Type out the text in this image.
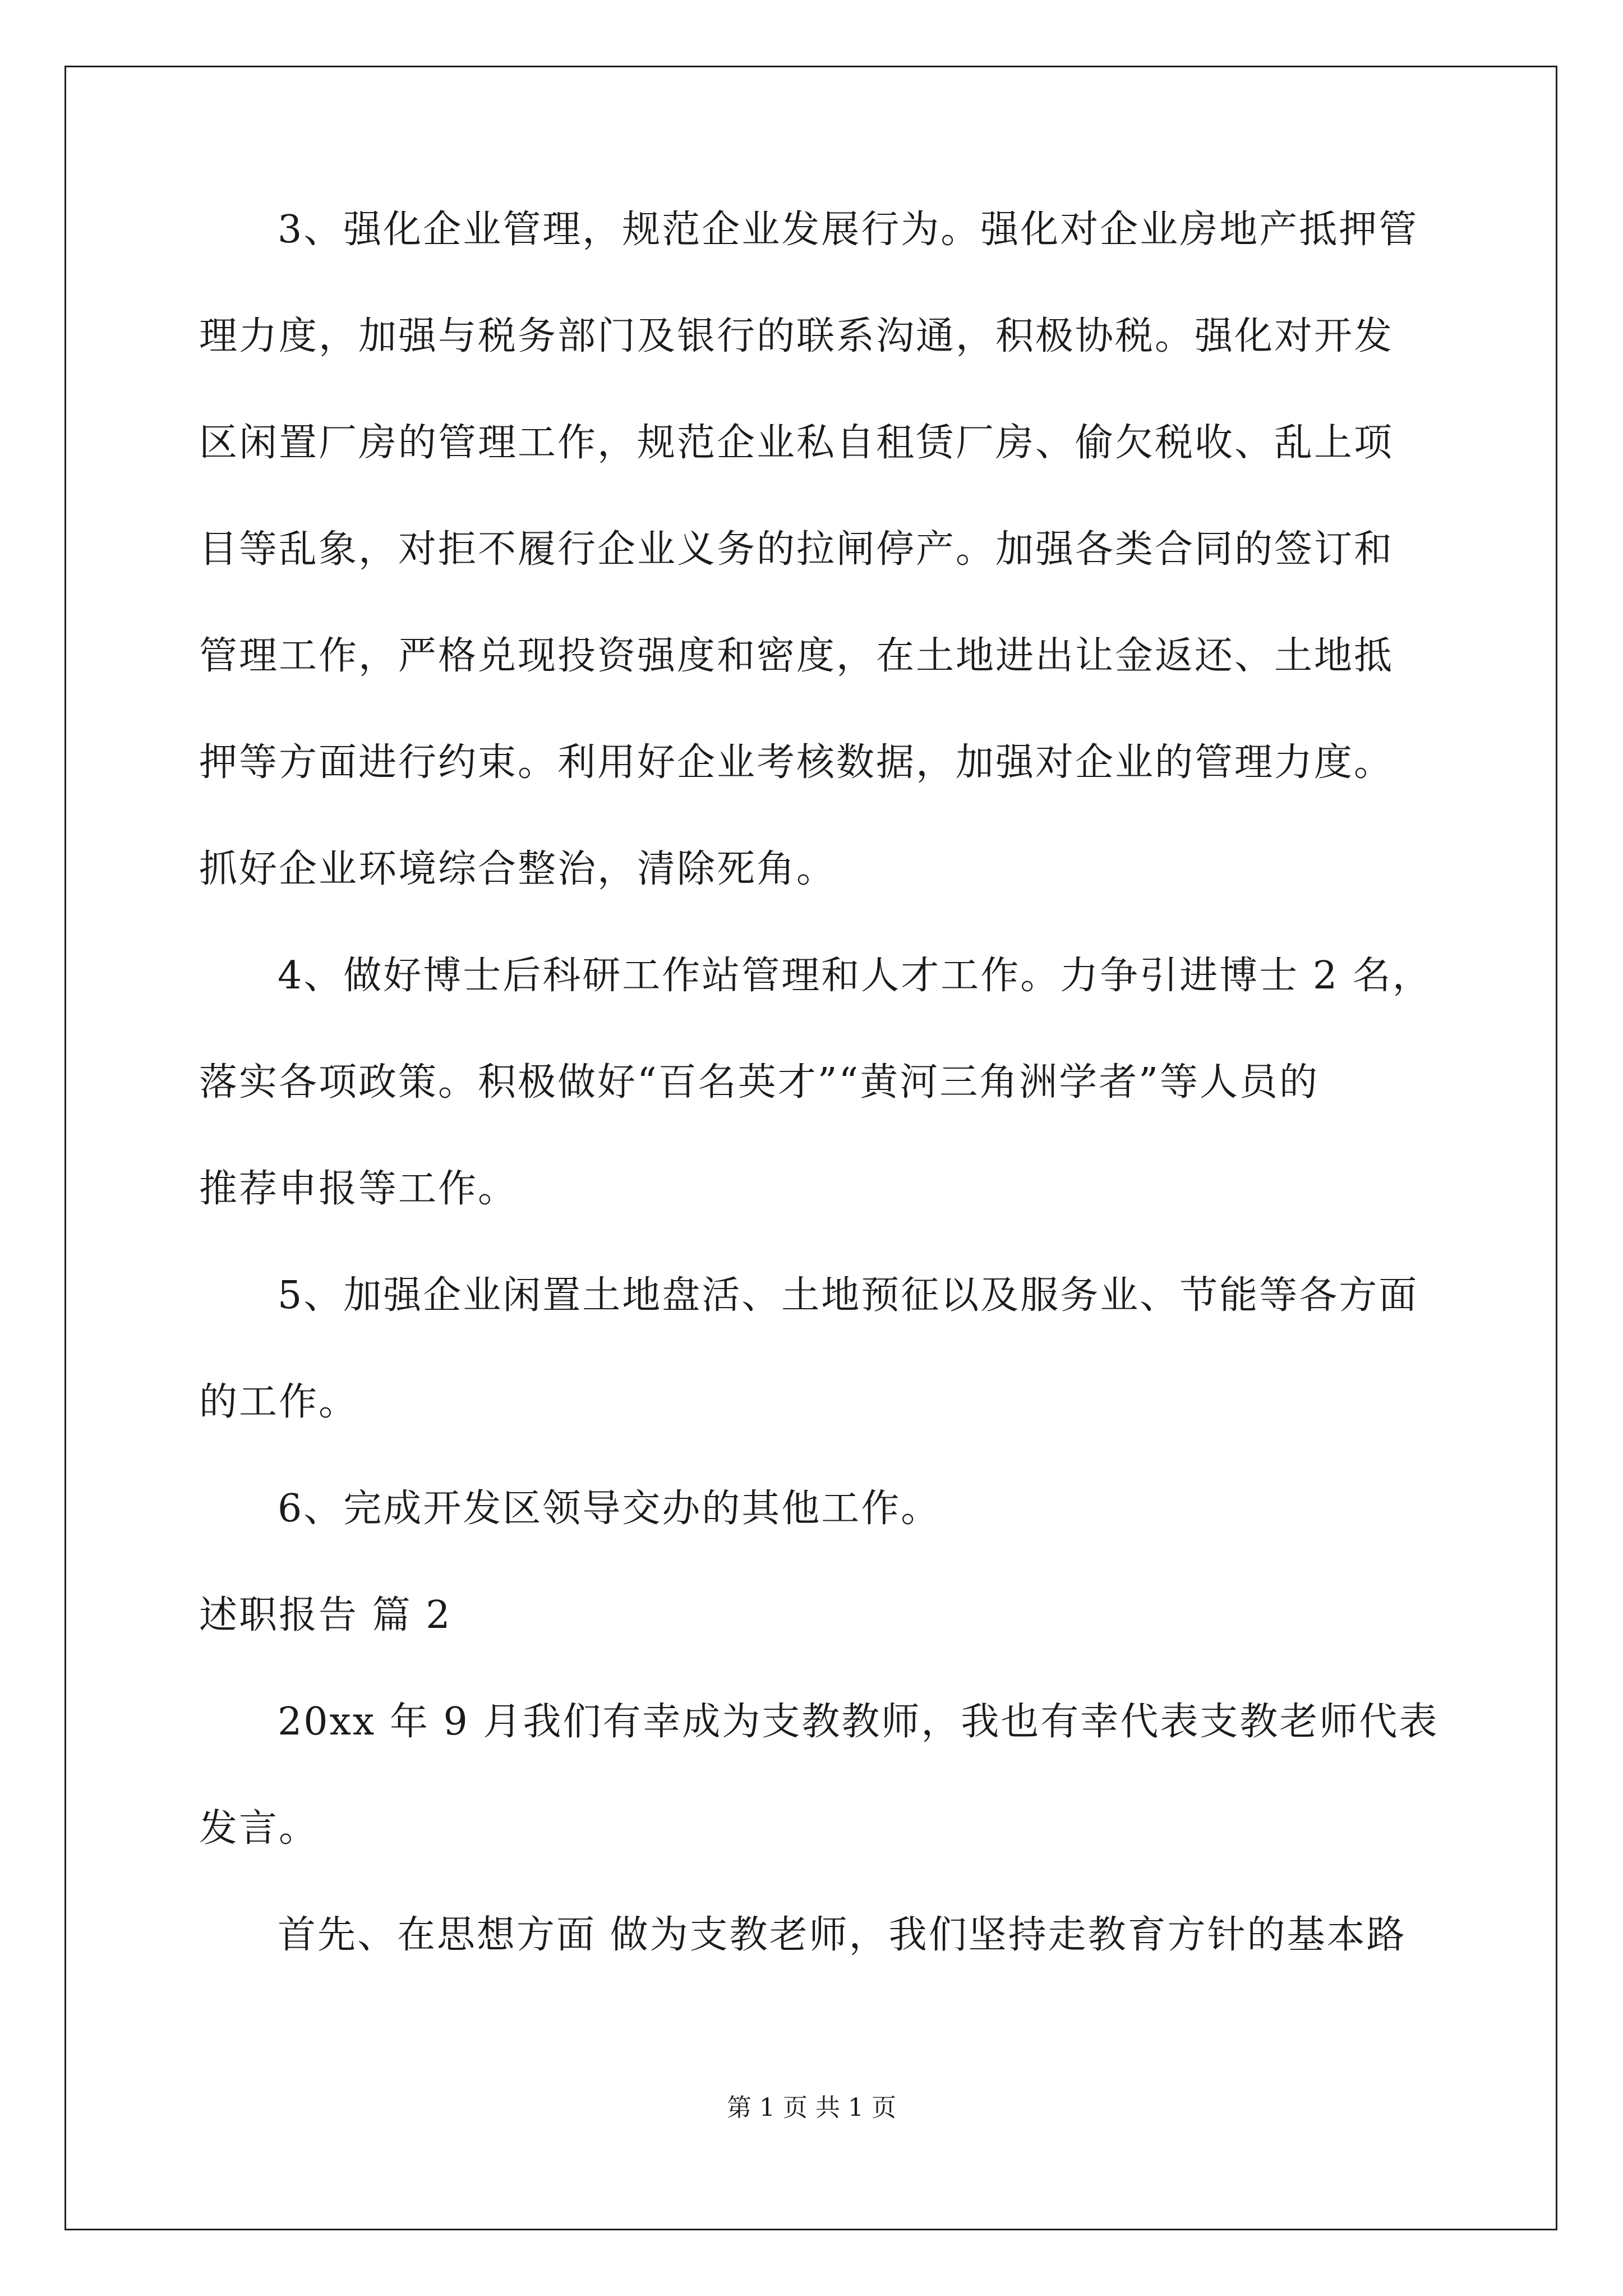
3、强化企业管理，规范企业发展行为。强化对企业房地产抵押管
理力度，加强与税务部门及银行的联系沟通，积极协税。强化对开发
区闲置厂房的管理工作，规范企业私自租赁厂房、偷欠税收、乱上项
目等乱象，对拒不履行企业义务的拉闸停产。加强各类合同的签订和
管理工作，严格兑现投资强度和密度，在土地进出让金返还、土地抵
押等方面进行约束。利用好企业考核数据，加强对企业的管理力度。
抓好企业环境综合整治，清除死角。
4、做好博士后科研工作站管理和人才工作。力争引进博士 2 名，
落实各项政策。积极做好“百名英才”“黄河三角洲学者”等人员的
推荐申报等工作。
5、加强企业闲置土地盘活、土地预征以及服务业、节能等各方面
的工作。
6、完成开发区领导交办的其他工作。
述职报告 篇 2
20xx 年 9 月我们有幸成为支教教师，我也有幸代表支教老师代表
发言。
首先、在思想方面 做为支教老师，我们坚持走教育方针的基本路
第 1 页 共 1 页
